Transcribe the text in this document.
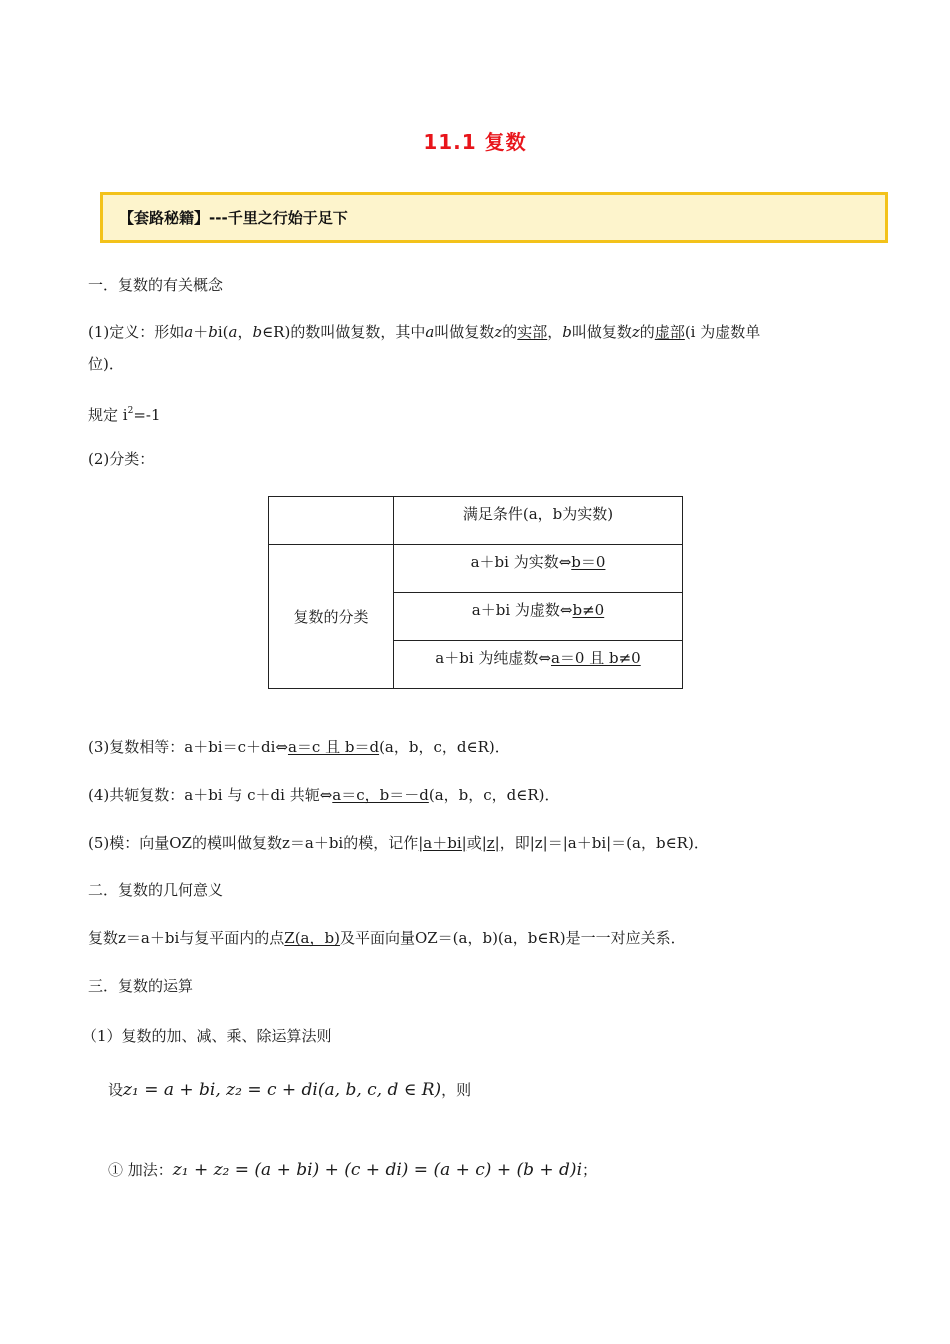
11.1 复数
【套路秘籍】---千里之行始于足下
一．复数的有关概念
(1)定义：形如a＋bi(a，b∈R)的数叫做复数，其中a叫做复数z的实部，b叫做复数z的虚部(i 为虚数单
位)．
规定 $i^2=-1$
(2)分类：
	满足条件(a，b为实数)
复数的分类	a＋bi 为实数⇔b＝0
	a＋bi 为虚数⇔b≠0
	a＋bi 为纯虚数⇔a＝0 且 b≠0
(3)复数相等：a＋bi＝c＋di⇔a＝c 且 b＝d(a，b，c，d∈R)．
(4)共轭复数：a＋bi 与 c＋di 共轭⇔a＝c，b＝－d(a，b，c，d∈R)．
(5)模：向量OZ的模叫做复数z＝a＋bi的模，记作|a＋bi|或|z|，即|z|＝|a＋bi|＝(a，b∈R)．
二．复数的几何意义
复数z＝a＋bi与复平面内的点Z(a，b)及平面向量OZ＝(a，b)(a，b∈R)是一一对应关系．
三．复数的运算
（1）复数的加、减、乘、除运算法则
设z₁ = a + bi, z₂ = c + di(a, b, c, d ∈ R)，则
① 加法：z₁ + z₂ = (a + bi) + (c + di) = (a + c) + (b + d)i；
